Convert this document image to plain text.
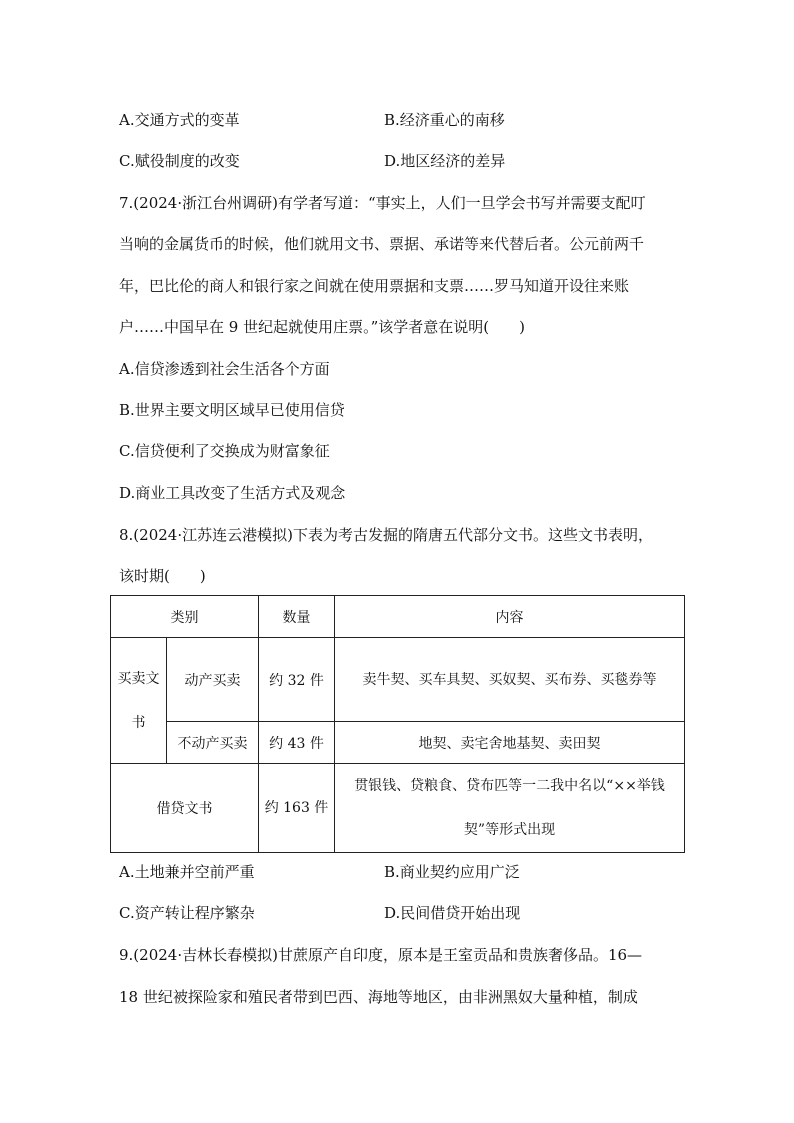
A.交通方式的变革	B.经济重心的南移
C.赋役制度的改变	D.地区经济的差异
7.(2024·浙江台州调研)有学者写道：“事实上，人们一旦学会书写并需要支配叮
当响的金属货币的时候，他们就用文书、票据、承诺等来代替后者。公元前两千
年，巴比伦的商人和银行家之间就在使用票据和支票……罗马知道开设往来账
户……中国早在 9 世纪起就使用庄票。”该学者意在说明(　　)
A.信贷渗透到社会生活各个方面
B.世界主要文明区域早已使用信贷
C.信贷便利了交换成为财富象征
D.商业工具改变了生活方式及观念
8.(2024·江苏连云港模拟)下表为考古发掘的隋唐五代部分文书。这些文书表明，
该时期(　　)
类别		数量	内容
买卖文书	动产买卖	约 32 件	卖牛契、买车具契、买奴契、买布券、买毯券等
	不动产买卖	约 43 件	地契、卖宅舍地基契、卖田契
借贷文书		约 163 件	贯银钱、贷粮食、贷布匹等一二我中名以“××举钱契”等形式出现
A.土地兼并空前严重	B.商业契约应用广泛
C.资产转让程序繁杂	D.民间借贷开始出现
9.(2024·吉林长春模拟)甘蔗原产自印度，原本是王室贡品和贵族奢侈品。16—
18 世纪被探险家和殖民者带到巴西、海地等地区，由非洲黑奴大量种植，制成
